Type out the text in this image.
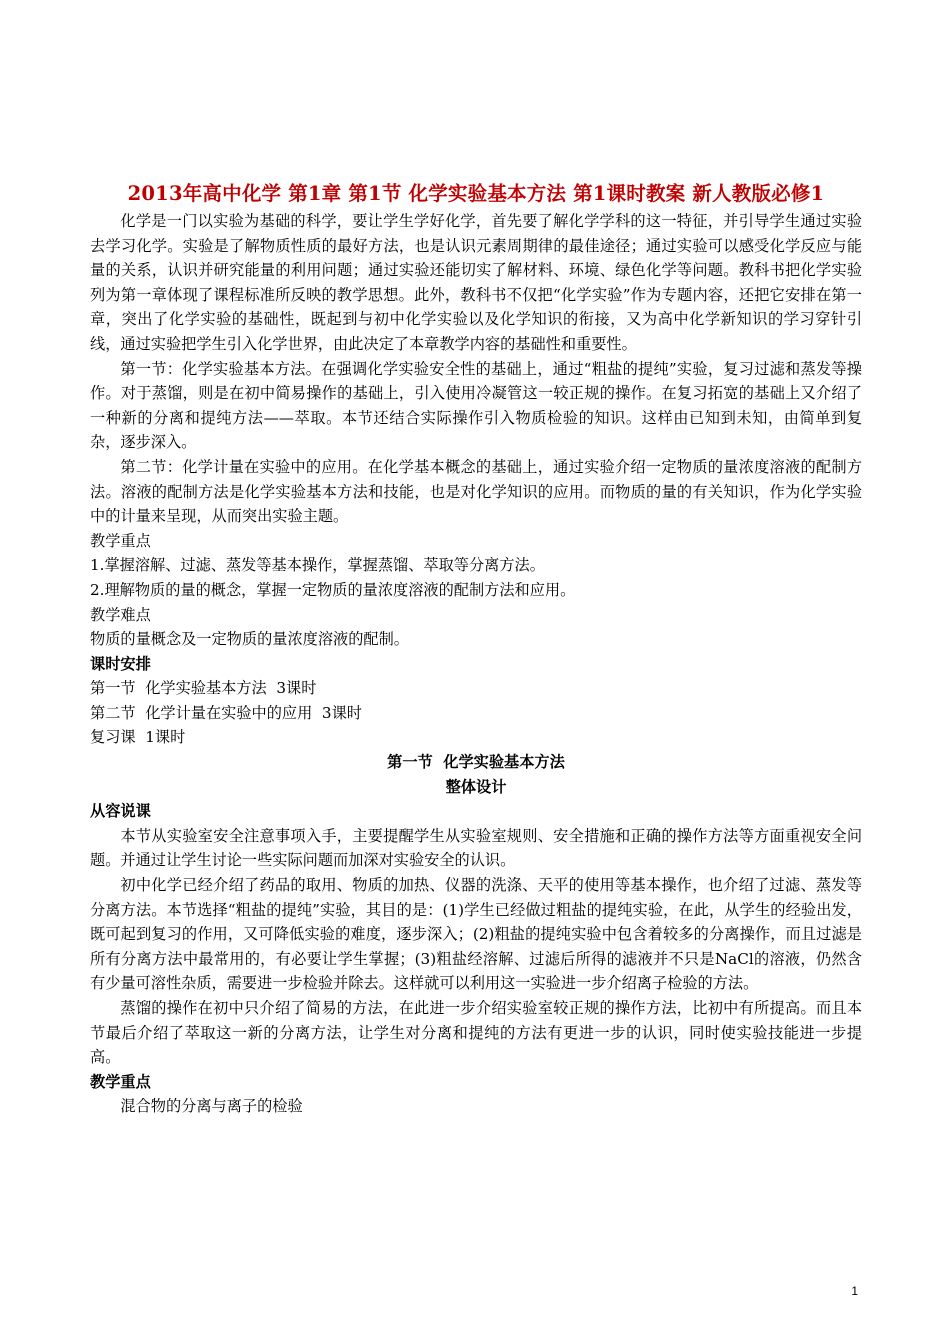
2013年高中化学 第1章 第1节 化学实验基本方法 第1课时教案 新人教版必修1

化学是一门以实验为基础的科学，要让学生学好化学，首先要了解化学学科的这一特征，并引导学生通过实验去学习化学。实验是了解物质性质的最好方法，也是认识元素周期律的最佳途径；通过实验可以感受化学反应与能量的关系，认识并研究能量的利用问题；通过实验还能切实了解材料、环境、绿色化学等问题。教科书把化学实验列为第一章体现了课程标准所反映的教学思想。此外，教科书不仅把“化学实验”作为专题内容，还把它安排在第一章，突出了化学实验的基础性，既起到与初中化学实验以及化学知识的衔接，又为高中化学新知识的学习穿针引线，通过实验把学生引入化学世界，由此决定了本章教学内容的基础性和重要性。

第一节：化学实验基本方法。在强调化学实验安全性的基础上，通过“粗盐的提纯”实验，复习过滤和蒸发等操作。对于蒸馏，则是在初中简易操作的基础上，引入使用冷凝管这一较正规的操作。在复习拓宽的基础上又介绍了一种新的分离和提纯方法——萃取。本节还结合实际操作引入物质检验的知识。这样由已知到未知，由简单到复杂，逐步深入。

第二节：化学计量在实验中的应用。在化学基本概念的基础上，通过实验介绍一定物质的量浓度溶液的配制方法。溶液的配制方法是化学实验基本方法和技能，也是对化学知识的应用。而物质的量的有关知识，作为化学实验中的计量来呈现，从而突出实验主题。

教学重点

1.掌握溶解、过滤、蒸发等基本操作，掌握蒸馏、萃取等分离方法。

2.理解物质的量的概念，掌握一定物质的量浓度溶液的配制方法和应用。

教学难点

物质的量概念及一定物质的量浓度溶液的配制。

课时安排

第一节  化学实验基本方法  3课时

第二节  化学计量在实验中的应用  3课时

复习课  1课时

第一节  化学实验基本方法

整体设计

从容说课

本节从实验室安全注意事项入手，主要提醒学生从实验室规则、安全措施和正确的操作方法等方面重视安全问题。并通过让学生讨论一些实际问题而加深对实验安全的认识。

初中化学已经介绍了药品的取用、物质的加热、仪器的洗涤、天平的使用等基本操作，也介绍了过滤、蒸发等分离方法。本节选择“粗盐的提纯”实验，其目的是：(1)学生已经做过粗盐的提纯实验，在此，从学生的经验出发，既可起到复习的作用，又可降低实验的难度，逐步深入；(2)粗盐的提纯实验中包含着较多的分离操作，而且过滤是所有分离方法中最常用的，有必要让学生掌握；(3)粗盐经溶解、过滤后所得的滤液并不只是NaCl的溶液，仍然含有少量可溶性杂质，需要进一步检验并除去。这样就可以利用这一实验进一步介绍离子检验的方法。

蒸馏的操作在初中只介绍了简易的方法，在此进一步介绍实验室较正规的操作方法，比初中有所提高。而且本节最后介绍了萃取这一新的分离方法，让学生对分离和提纯的方法有更进一步的认识，同时使实验技能进一步提高。

教学重点

混合物的分离与离子的检验

1
